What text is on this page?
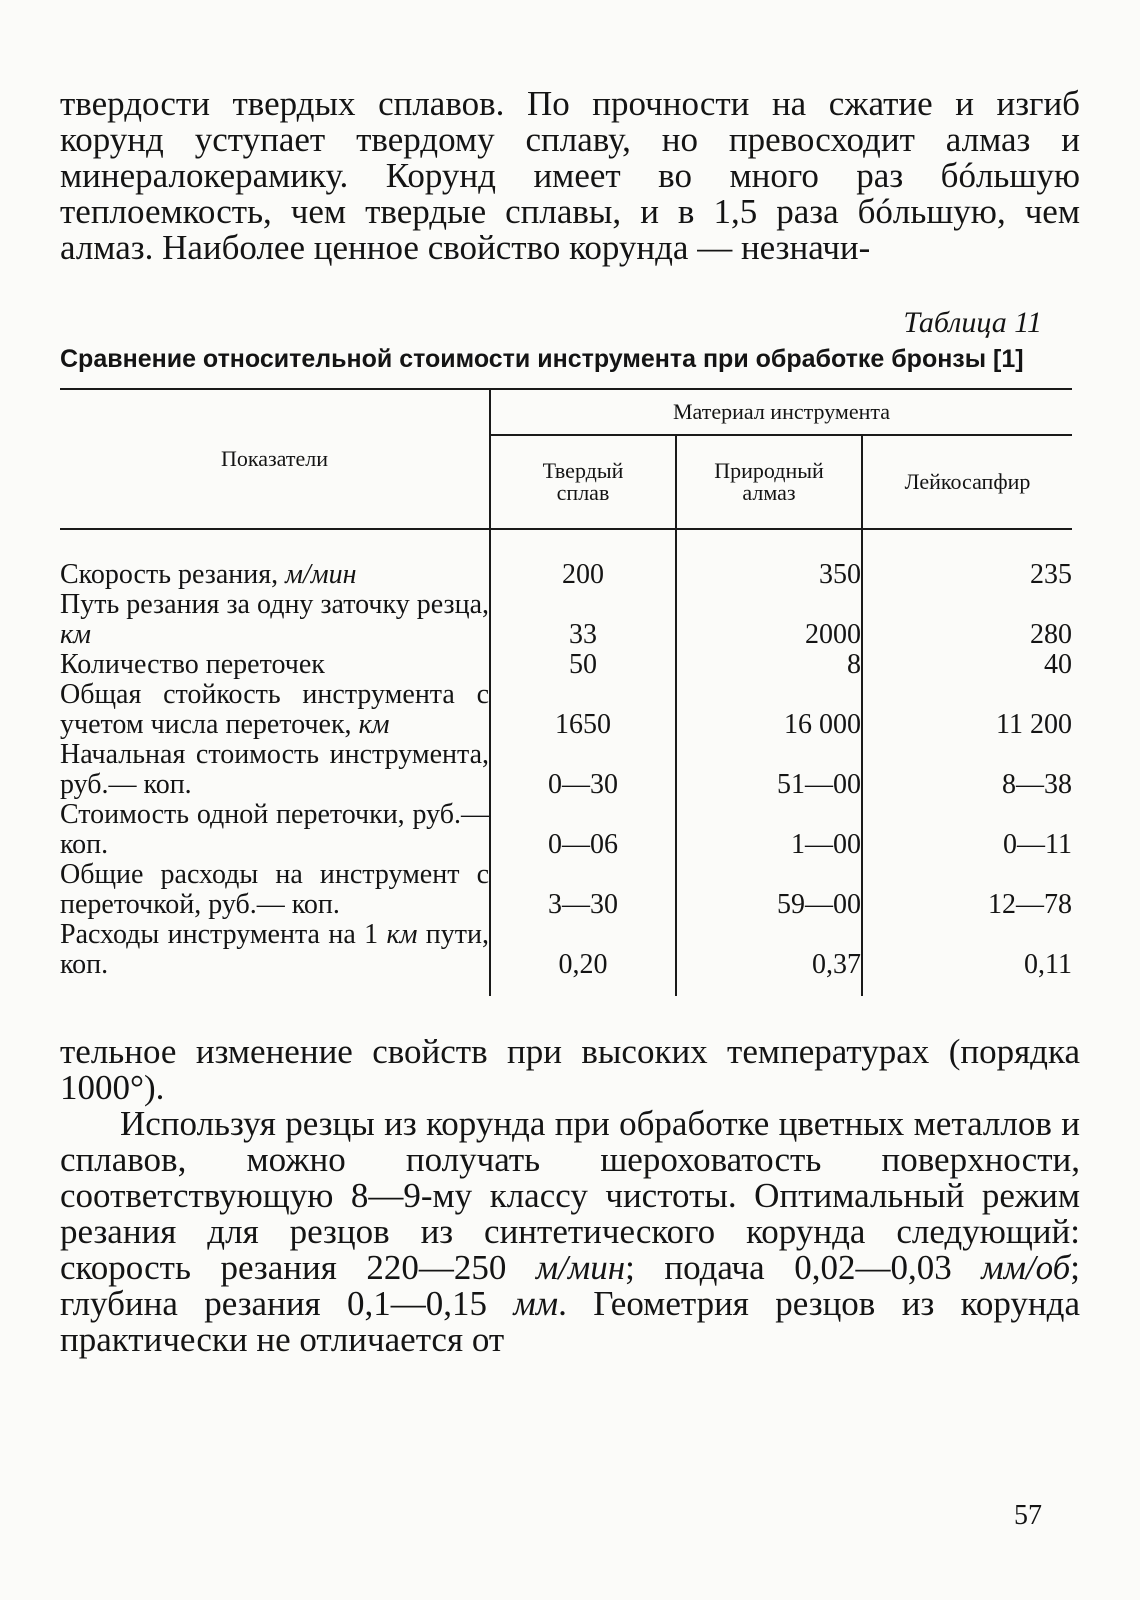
твердости твердых сплавов. По прочности на сжатие и изгиб корунд уступает твердому сплаву, но превосходит алмаз и минералокерамику. Корунд имеет во много раз бóльшую теплоемкость, чем твердые сплавы, и в 1,5 раза бóльшую, чем алмаз. Наиболее ценное свойство корунда — незначи-

Таблица 11
Сравнение относительной стоимости инструмента при обработке бронзы [1]
Показатели	Материал инструмента		
	Твердый сплав	Природный алмаз	Лейкосапфир

Скорость резания, м/мин	200	350	235
Путь резания за одну заточку резца, км	33	2000	280
Количество переточек	50	8	40
Общая стойкость инструмента с учетом числа переточек, км	1650	16 000	11 200
Начальная стоимость инструмента, руб.— коп.	0—30	51—00	8—38
Стоимость одной переточки, руб.— коп.	0—06	1—00	0—11
Общие расходы на инструмент с переточкой, руб.— коп.	3—30	59—00	12—78
Расходы инструмента на 1 км пути, коп.	0,20	0,37	0,11

тельное изменение свойств при высоких температурах (порядка 1000°).

Используя резцы из корунда при обработке цветных металлов и сплавов, можно получать шероховатость поверхности, соответствующую 8—9-му классу чистоты. Оптимальный режим резания для резцов из синтетического корунда следующий: скорость резания 220—250 м/мин; подача 0,02—0,03 мм/об; глубина резания 0,1—0,15 мм. Геометрия резцов из корунда практически не отличается от

57
